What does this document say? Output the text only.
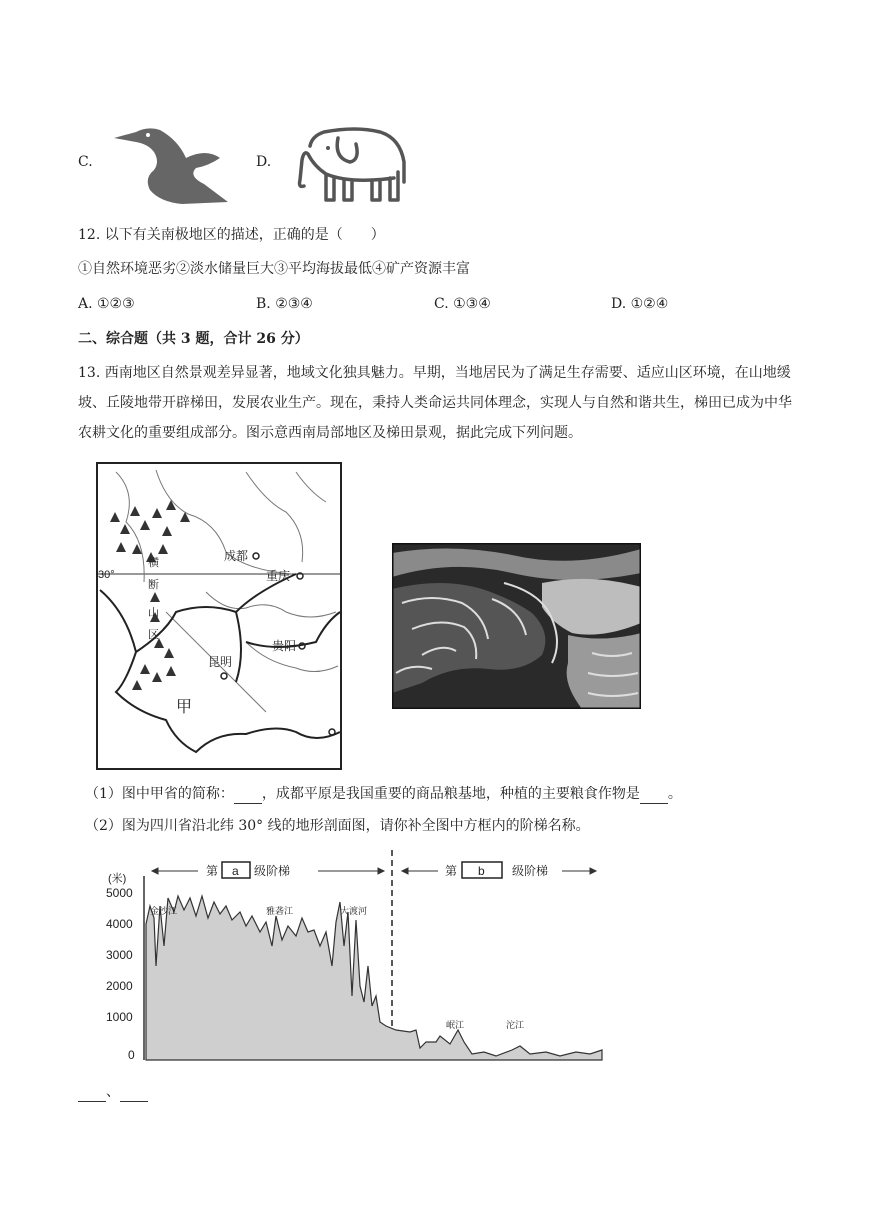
C.	D.
12. 以下有关南极地区的描述，正确的是（　　）
①自然环境恶劣②淡水储量巨大③平均海拔最低④矿产资源丰富
A. ①②③	B. ②③④	C. ①③④	D. ①②④
二、综合题（共 3 题，合计 26 分）
13. 西南地区自然景观差异显著，地域文化独具魅力。早期，当地居民为了满足生存需要、适应山区环境，在山地缓坡、丘陵地带开辟梯田，发展农业生产。现在，秉持人类命运共同体理念，实现人与自然和谐共生，梯田已成为中华农耕文化的重要组成部分。图示意西南局部地区及梯田景观，据此完成下列问题。
成都
重庆
贵阳
昆明
甲
30°
横
断
山
区
（1）图中甲省的简称： ，成都平原是我国重要的商品粮基地，种植的主要粮食作物是 。
（2）图为四川省沿北纬 30° 线的地形剖面图，请你补全图中方框内的阶梯名称。
(米)
5000
4000
3000
2000
1000
0
第	级阶梯	第	级阶梯
a	b
金沙江	雅砻江	大渡河
岷江	沱江
、
